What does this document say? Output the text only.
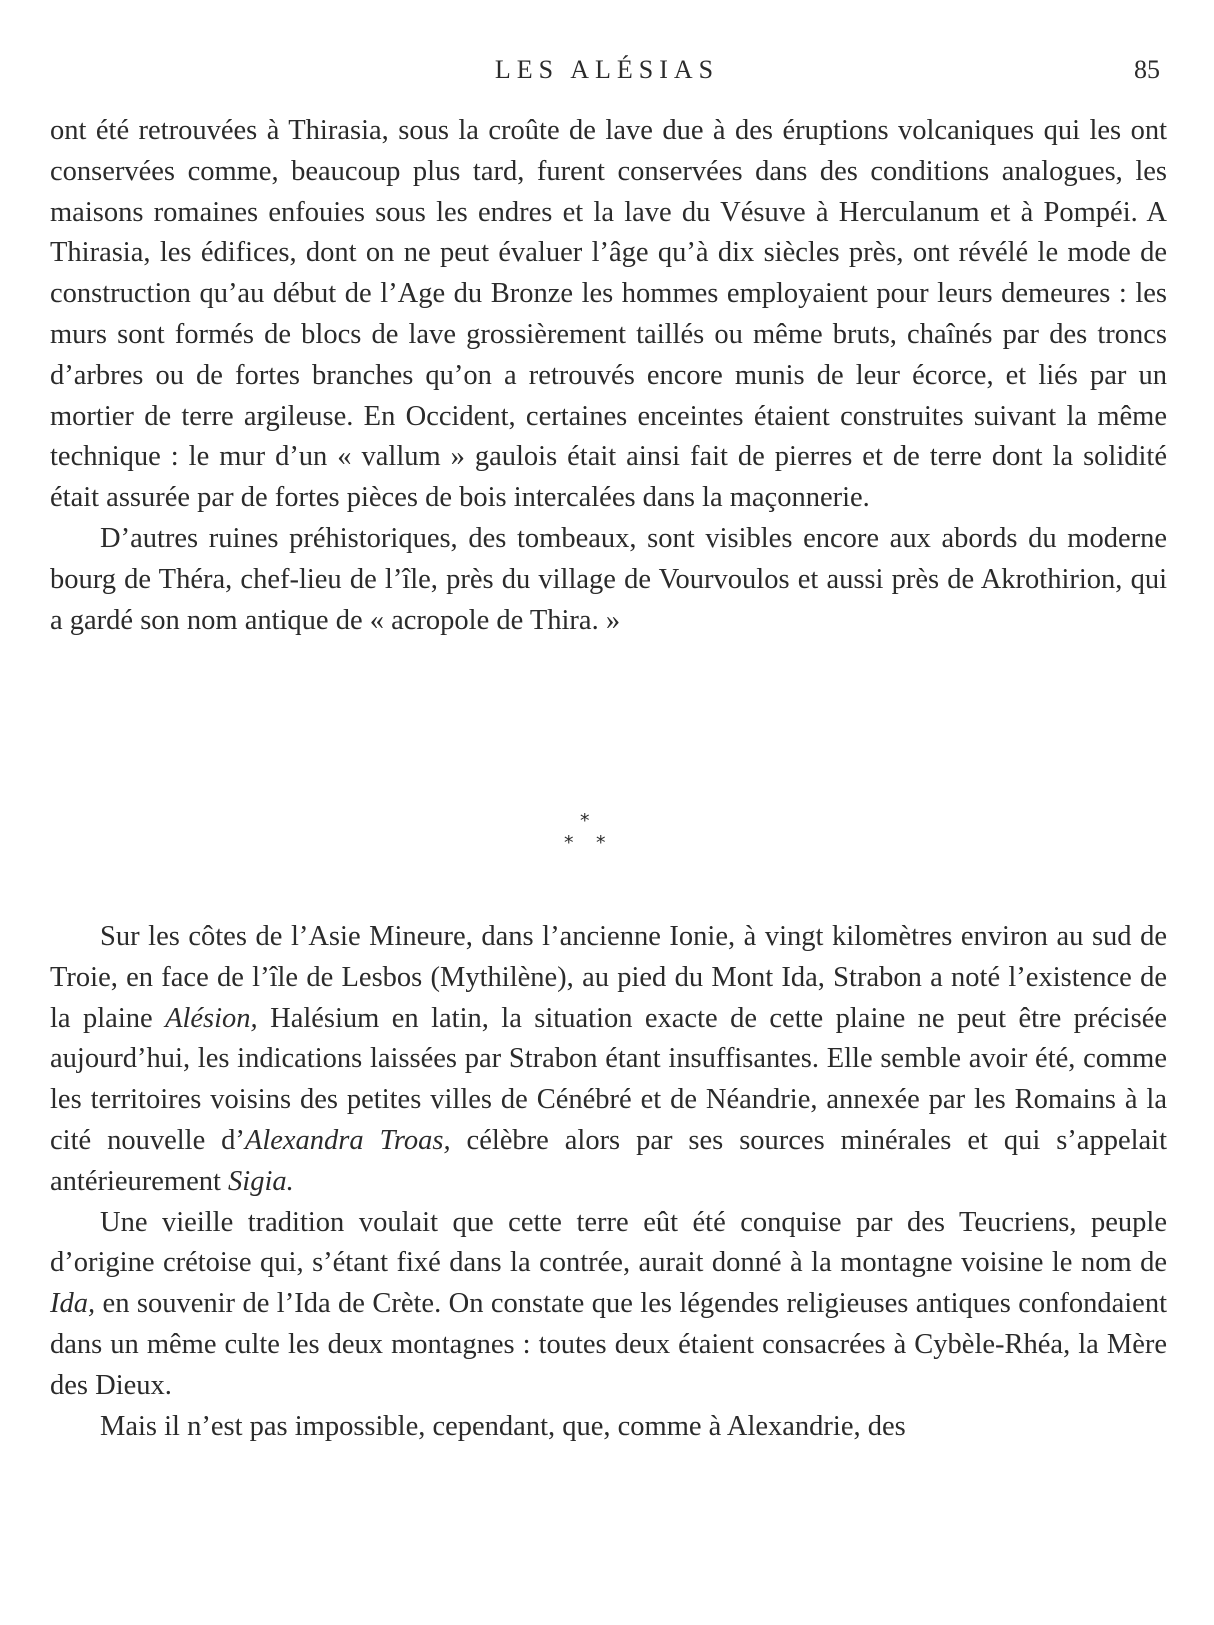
LES ALÉSIAS	85

ont été retrouvées à Thirasia, sous la croûte de lave due à des éruptions volcaniques qui les ont conservées comme, beaucoup plus tard, furent conservées dans des conditions analogues, les maisons romaines enfouies sous les endres et la lave du Vésuve à Herculanum et à Pompéi. A Thirasia, les édifices, dont on ne peut évaluer l’âge qu’à dix siècles près, ont révélé le mode de construction qu’au début de l’Age du Bronze les hommes employaient pour leurs demeures : les murs sont formés de blocs de lave grossièrement taillés ou même bruts, chaînés par des troncs d’arbres ou de fortes branches qu’on a retrouvés encore munis de leur écorce, et liés par un mortier de terre argileuse. En Occident, certaines enceintes étaient construites suivant la même technique : le mur d’un « vallum » gaulois était ainsi fait de pierres et de terre dont la solidité était assurée par de fortes pièces de bois intercalées dans la maçonnerie.

D’autres ruines préhistoriques, des tombeaux, sont visibles encore aux abords du moderne bourg de Théra, chef-lieu de l’île, près du village de Vourvoulos et aussi près de Akrothirion, qui a gardé son nom antique de « acropole de Thira. »

*
* *

Sur les côtes de l’Asie Mineure, dans l’ancienne Ionie, à vingt kilomètres environ au sud de Troie, en face de l’île de Lesbos (Mythilène), au pied du Mont Ida, Strabon a noté l’existence de la plaine Alésion, Halésium en latin, la situation exacte de cette plaine ne peut être précisée aujourd’hui, les indications laissées par Strabon étant insuffisantes. Elle semble avoir été, comme les territoires voisins des petites villes de Cénébré et de Néandrie, annexée par les Romains à la cité nouvelle d’Alexandra Troas, célèbre alors par ses sources minérales et qui s’appelait antérieurement Sigia.

Une vieille tradition voulait que cette terre eût été conquise par des Teucriens, peuple d’origine crétoise qui, s’étant fixé dans la contrée, aurait donné à la montagne voisine le nom de Ida, en souvenir de l’Ida de Crète. On constate que les légendes religieuses antiques confondaient dans un même culte les deux montagnes : toutes deux étaient consacrées à Cybèle-Rhéa, la Mère des Dieux.

Mais il n’est pas impossible, cependant, que, comme à Alexandrie, des
